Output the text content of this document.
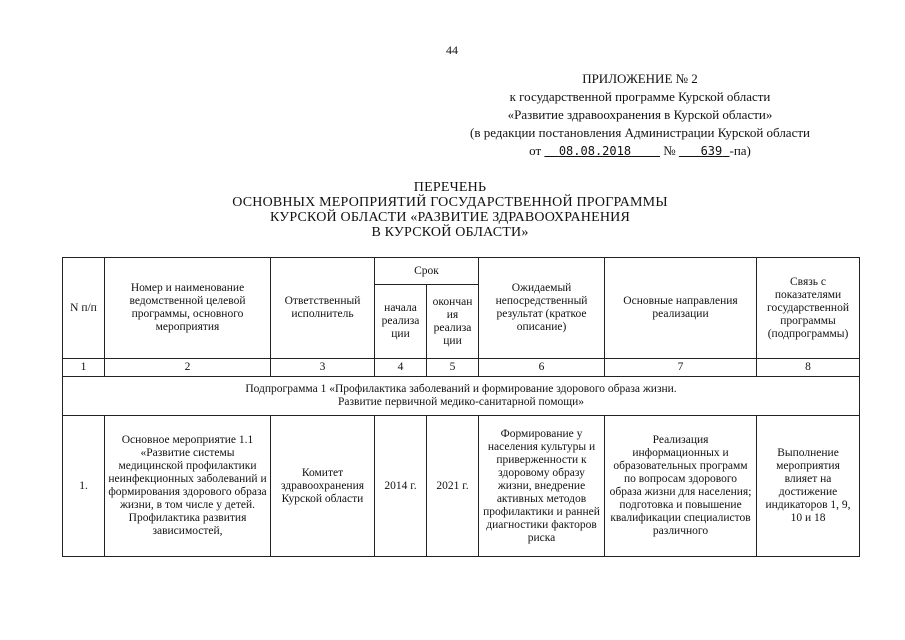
44
ПРИЛОЖЕНИЕ № 2
к государственной программе Курской области
«Развитие здравоохранения в Курской области»
(в редакции постановления Администрации Курской области
от 08.08.2018 № 639 -па)
ПЕРЕЧЕНЬ
ОСНОВНЫХ МЕРОПРИЯТИЙ ГОСУДАРСТВЕННОЙ ПРОГРАММЫ
КУРСКОЙ ОБЛАСТИ «РАЗВИТИЕ ЗДРАВООХРАНЕНИЯ
В КУРСКОЙ ОБЛАСТИ»
N п/п	Номер и наименование ведомственной целевой программы, основного мероприятия	Ответственный исполнитель	Срок		Ожидаемый непосредственный результат (краткое описание)	Основные направления реализации	Связь с показателями государственной программы (подпрограммы)
			начала реализа ции	окончан ия реализа ции			
1	2	3	4	5	6	7	8

Подпрограмма 1 «Профилактика заболеваний и формирование здорового образа жизни.
Развитие первичной медико-санитарной помощи»							

1.	Основное мероприятие 1.1 «Развитие системы медицинской профилактики неинфекционных заболеваний и формирования здорового образа жизни, в том числе у детей. Профилактика развития зависимостей,	Комитет здравоохранения Курской области	2014 г.	2021 г.	Формирование у населения культуры и приверженности к здоровому образу жизни, внедрение активных методов профилактики и ранней диагностики факторов риска	Реализация информационных и образовательных программ по вопросам здорового образа жизни для населения; подготовка и повышение квалификации специалистов различного	Выполнение мероприятия влияет на достижение индикаторов 1, 9, 10 и 18
